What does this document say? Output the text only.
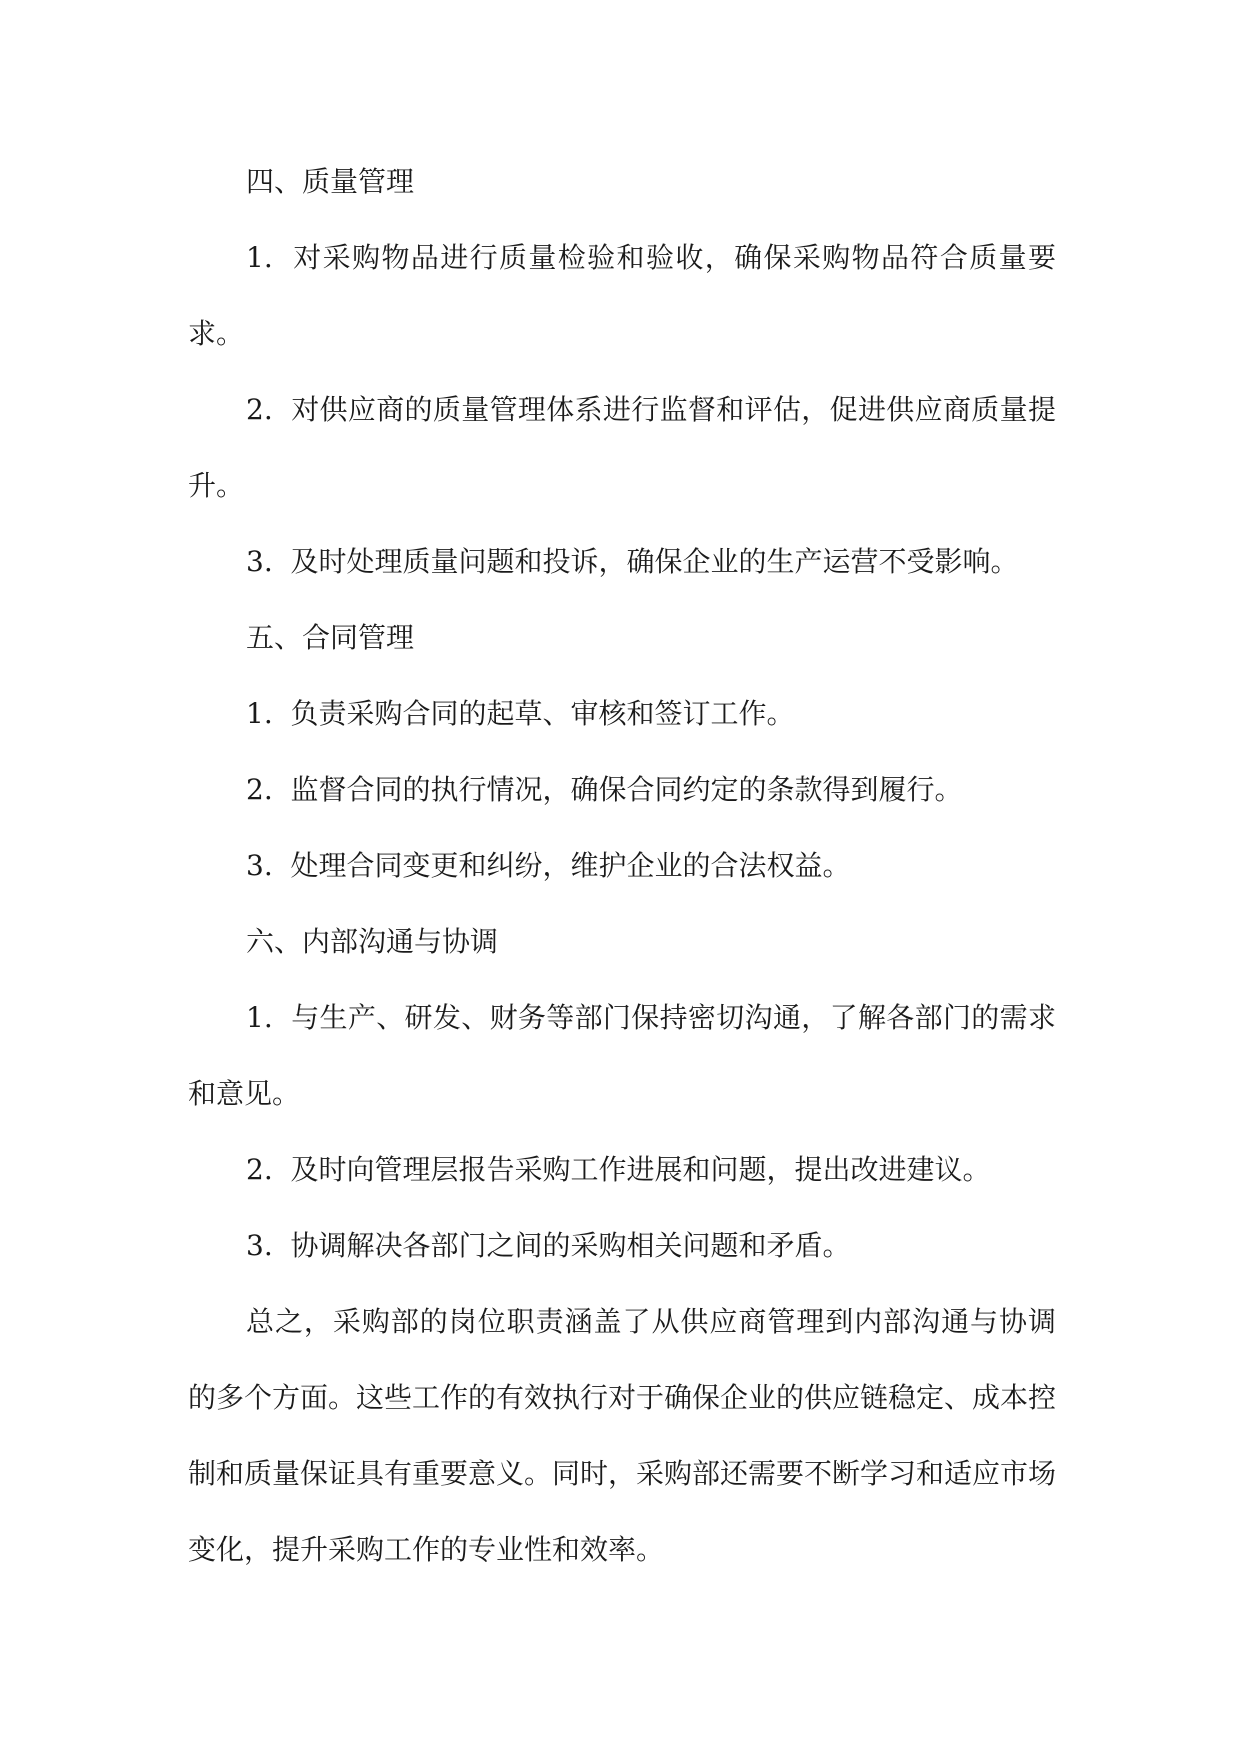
四、质量管理

1. 对采购物品进行质量检验和验收，确保采购物品符合质量要求。

2. 对供应商的质量管理体系进行监督和评估，促进供应商质量提升。

3. 及时处理质量问题和投诉，确保企业的生产运营不受影响。

五、合同管理

1. 负责采购合同的起草、审核和签订工作。

2. 监督合同的执行情况，确保合同约定的条款得到履行。

3. 处理合同变更和纠纷，维护企业的合法权益。

六、内部沟通与协调

1. 与生产、研发、财务等部门保持密切沟通，了解各部门的需求和意见。

2. 及时向管理层报告采购工作进展和问题，提出改进建议。

3. 协调解决各部门之间的采购相关问题和矛盾。

总之，采购部的岗位职责涵盖了从供应商管理到内部沟通与协调的多个方面。这些工作的有效执行对于确保企业的供应链稳定、成本控制和质量保证具有重要意义。同时，采购部还需要不断学习和适应市场变化，提升采购工作的专业性和效率。
